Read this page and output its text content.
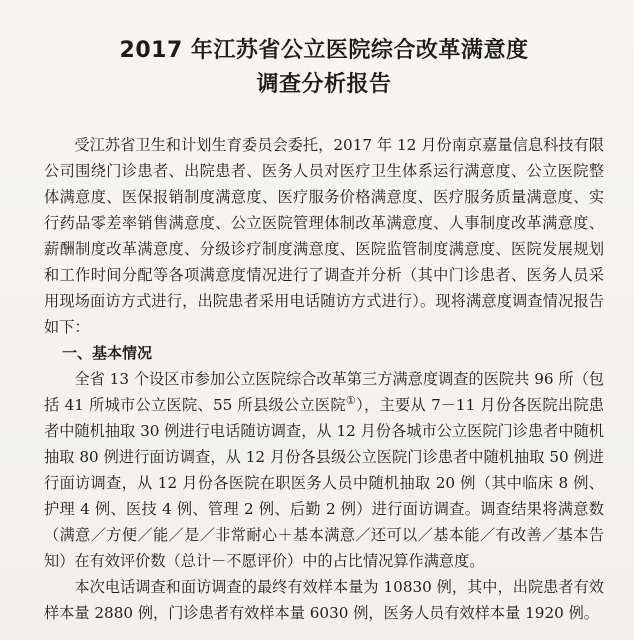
2017 年江苏省公立医院综合改革满意度
调查分析报告

受江苏省卫生和计划生育委员会委托，2017 年 12 月份南京嘉量信息科技有限公司围绕门诊患者、出院患者、医务人员对医疗卫生体系运行满意度、公立医院整体满意度、医保报销制度满意度、医疗服务价格满意度、医疗服务质量满意度、实行药品零差率销售满意度、公立医院管理体制改革满意度、人事制度改革满意度、薪酬制度改革满意度、分级诊疗制度满意度、医院监管制度满意度、医院发展规划和工作时间分配等各项满意度情况进行了调查并分析（其中门诊患者、医务人员采用现场面访方式进行，出院患者采用电话随访方式进行）。现将满意度调查情况报告如下：

一、基本情况

全省 13 个设区市参加公立医院综合改革第三方满意度调查的医院共 96 所（包括 41 所城市公立医院、55 所县级公立医院①），主要从 7－11 月份各医院出院患者中随机抽取 30 例进行电话随访调查，从 12 月份各城市公立医院门诊患者中随机抽取 80 例进行面访调查，从 12 月份各县级公立医院门诊患者中随机抽取 50 例进行面访调查，从 12 月份各医院在职医务人员中随机抽取 20 例（其中临床 8 例、护理 4 例、医技 4 例、管理 2 例、后勤 2 例）进行面访调查。调查结果将满意数（满意／方便／能／是／非常耐心＋基本满意／还可以／基本能／有改善／基本告知）在有效评价数（总计－不愿评价）中的占比情况算作满意度。

本次电话调查和面访调查的最终有效样本量为 10830 例，其中，出院患者有效样本量 2880 例，门诊患者有效样本量 6030 例，医务人员有效样本量 1920 例。
